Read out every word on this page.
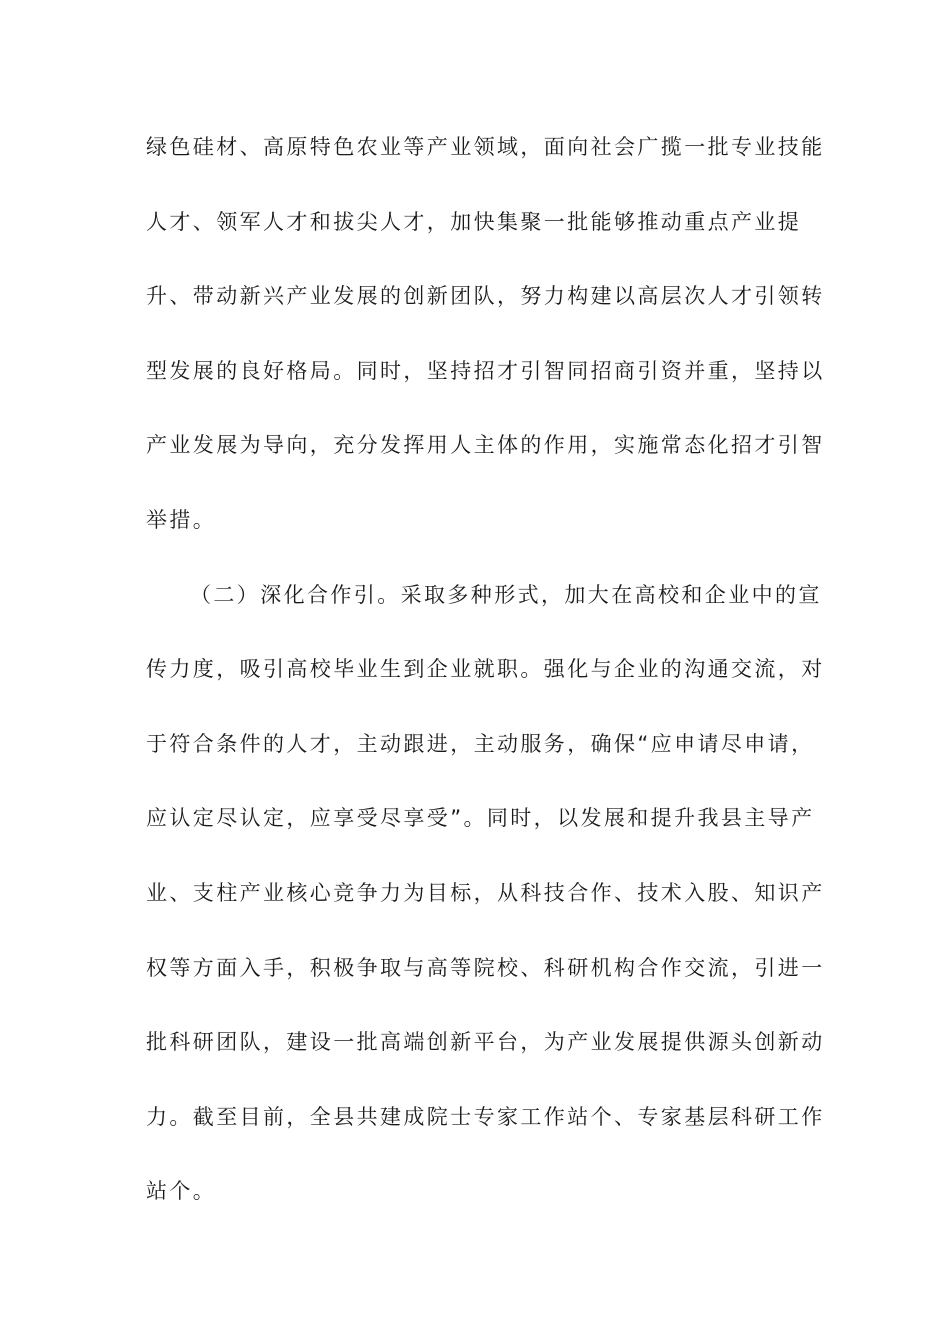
绿色硅材、高原特色农业等产业领域，面向社会广揽一批专业技能
人才、领军人才和拔尖人才，加快集聚一批能够推动重点产业提
升、带动新兴产业发展的创新团队，努力构建以高层次人才引领转
型发展的良好格局。同时，坚持招才引智同招商引资并重，坚持以
产业发展为导向，充分发挥用人主体的作用，实施常态化招才引智
举措。
（二）深化合作引。采取多种形式，加大在高校和企业中的宣
传力度，吸引高校毕业生到企业就职。强化与企业的沟通交流，对
于符合条件的人才，主动跟进，主动服务，确保“应申请尽申请，
应认定尽认定，应享受尽享受”。同时，以发展和提升我县主导产
业、支柱产业核心竞争力为目标，从科技合作、技术入股、知识产
权等方面入手，积极争取与高等院校、科研机构合作交流，引进一
批科研团队，建设一批高端创新平台，为产业发展提供源头创新动
力。截至目前，全县共建成院士专家工作站个、专家基层科研工作
站个。
